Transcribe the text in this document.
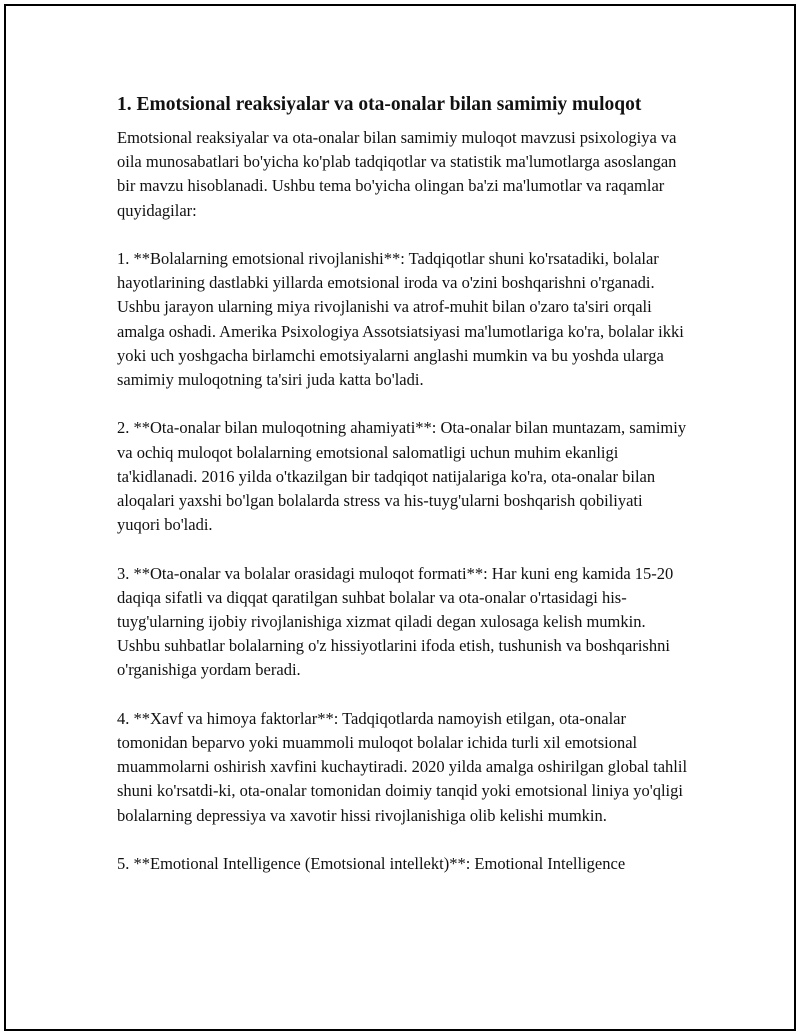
1. Emotsional reaksiyalar va ota-onalar bilan samimiy muloqot

Emotsional reaksiyalar va ota-onalar bilan samimiy muloqot mavzusi psixologiya va oila munosabatlari bo'yicha ko'plab tadqiqotlar va statistik ma'lumotlarga asoslangan bir mavzu hisoblanadi. Ushbu tema bo'yicha olingan ba'zi ma'lumotlar va raqamlar quyidagilar:

1. **Bolalarning emotsional rivojlanishi**: Tadqiqotlar shuni ko'rsatadiki, bolalar hayotlarining dastlabki yillarda emotsional iroda va o'zini boshqarishni o'rganadi. Ushbu jarayon ularning miya rivojlanishi va atrof-muhit bilan o'zaro ta'siri orqali amalga oshadi. Amerika Psixologiya Assotsiatsiyasi ma'lumotlariga ko'ra, bolalar ikki yoki uch yoshgacha birlamchi emotsiyalarni anglashi mumkin va bu yoshda ularga samimiy muloqotning ta'siri juda katta bo'ladi.

2. **Ota-onalar bilan muloqotning ahamiyati**: Ota-onalar bilan muntazam, samimiy va ochiq muloqot bolalarning emotsional salomatligi uchun muhim ekanligi ta'kidlanadi. 2016 yilda o'tkazilgan bir tadqiqot natijalariga ko'ra, ota-onalar bilan aloqalari yaxshi bo'lgan bolalarda stress va his-tuyg'ularni boshqarish qobiliyati yuqori bo'ladi.

3. **Ota-onalar va bolalar orasidagi muloqot formati**: Har kuni eng kamida 15-20 daqiqa sifatli va diqqat qaratilgan suhbat bolalar va ota-onalar o'rtasidagi his-tuyg'ularning ijobiy rivojlanishiga xizmat qiladi degan xulosaga kelish mumkin. Ushbu suhbatlar bolalarning o'z hissiyotlarini ifoda etish, tushunish va boshqarishni o'rganishiga yordam beradi.

4. **Xavf va himoya faktorlar**: Tadqiqotlarda namoyish etilgan, ota-onalar tomonidan beparvo yoki muammoli muloqot bolalar ichida turli xil emotsional muammolarni oshirish xavfini kuchaytiradi. 2020 yilda amalga oshirilgan global tahlil shuni ko'rsatdi-ki, ota-onalar tomonidan doimiy tanqid yoki emotsional liniya yo'qligi bolalarning depressiya va xavotir hissi rivojlanishiga olib kelishi mumkin.

5. **Emotional Intelligence (Emotsional intellekt)**: Emotional Intelligence
